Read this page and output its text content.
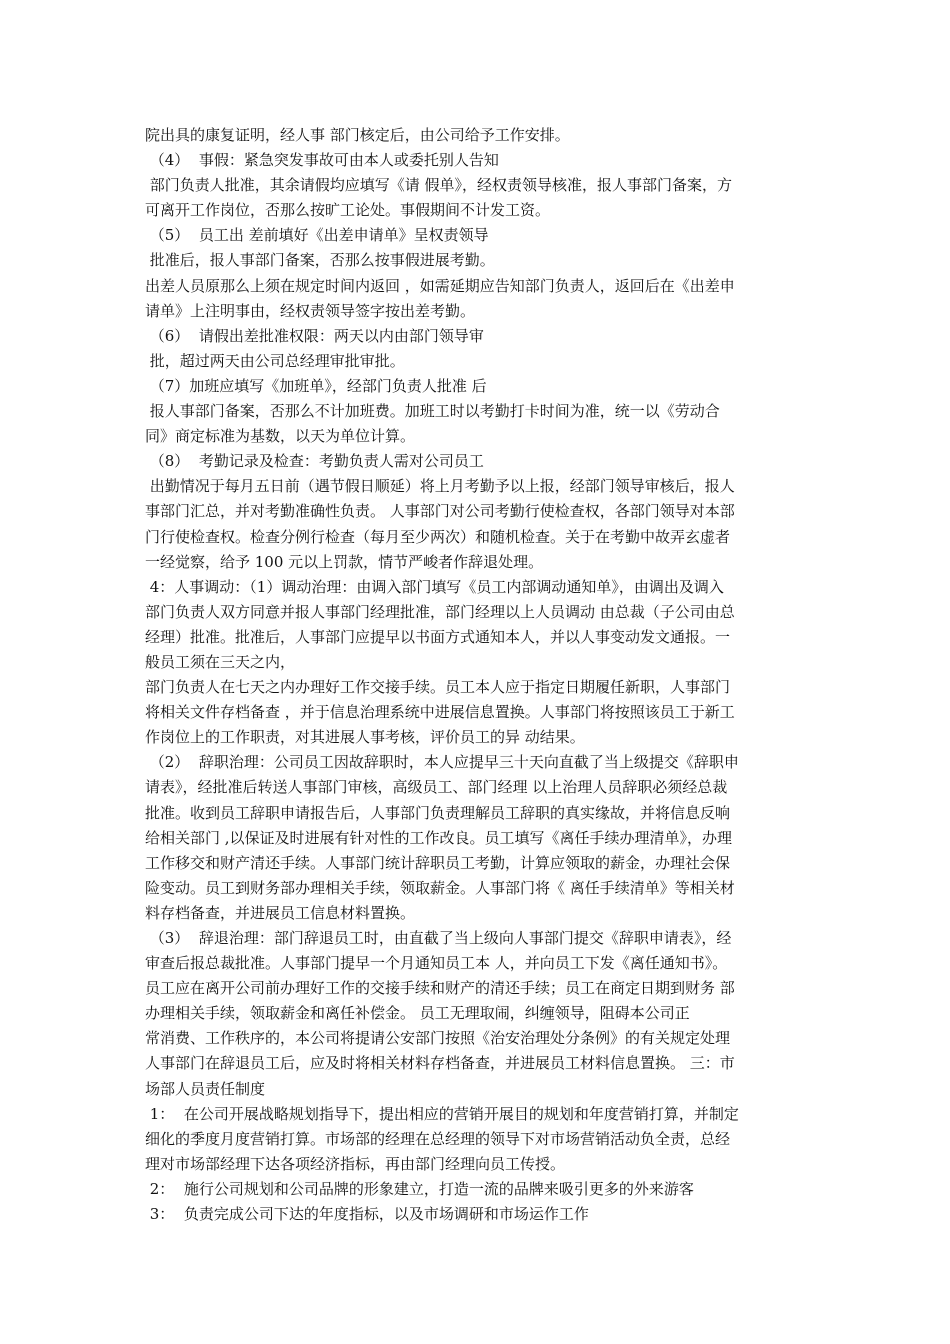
院出具的康复证明，经人事 部门核定后，由公司给予工作安排。
（4）  事假：紧急突发事故可由本人或委托别人告知
部门负责人批准，其余请假均应填写《请 假单》，经权责领导核准，报人事部门备案，方
可离开工作岗位，否那么按旷工论处。事假期间不计发工资。
（5）  员工出 差前填好《出差申请单》呈权责领导
批准后，报人事部门备案，否那么按事假进展考勤。
出差人员原那么上须在规定时间内返回 ，如需延期应告知部门负责人，返回后在《出差申
请单》上注明事由，经权责领导签字按出差考勤。
（6）  请假出差批准权限：两天以内由部门领导审
批，超过两天由公司总经理审批审批。
（7）加班应填写《加班单》，经部门负责人批准 后
报人事部门备案，否那么不计加班费。加班工时以考勤打卡时间为准，统一以《劳动合
同》商定标准为基数，以天为单位计算。
（8）  考勤记录及检查：考勤负责人需对公司员工
出勤情况于每月五日前（遇节假日顺延）将上月考勤予以上报，经部门领导审核后，报人
事部门汇总，并对考勤准确性负责。 人事部门对公司考勤行使检查权，各部门领导对本部
门行使检查权。检查分例行检查（每月至少两次）和随机检查。关于在考勤中故弄玄虚者
一经觉察，给予 100 元以上罚款，情节严峻者作辞退处理。
4：人事调动：（1）调动治理：由调入部门填写《员工内部调动通知单》，由调出及调入
部门负责人双方同意并报人事部门经理批准，部门经理以上人员调动 由总裁（子公司由总
经理）批准。批准后，人事部门应提早以书面方式通知本人，并以人事变动发文通报。一
般员工须在三天之内，
部门负责人在七天之内办理好工作交接手续。员工本人应于指定日期履任新职，人事部门
将相关文件存档备查 ，并于信息治理系统中进展信息置换。人事部门将按照该员工于新工
作岗位上的工作职责，对其进展人事考核，评价员工的异 动结果。
（2）  辞职治理：公司员工因故辞职时，本人应提早三十天向直截了当上级提交《辞职申
请表》，经批准后转送人事部门审核，高级员工、部门经理 以上治理人员辞职必须经总裁
批准。收到员工辞职申请报告后，人事部门负责理解员工辞职的真实缘故，并将信息反响
给相关部门 ,以保证及时进展有针对性的工作改良。员工填写《离任手续办理清单》，办理
工作移交和财产清还手续。人事部门统计辞职员工考勤，计算应领取的薪金，办理社会保
险变动。员工到财务部办理相关手续，领取薪金。人事部门将《 离任手续清单》等相关材
料存档备查，并进展员工信息材料置换。
（3）  辞退治理：部门辞退员工时，由直截了当上级向人事部门提交《辞职申请表》，经
审查后报总裁批准。人事部门提早一个月通知员工本 人，并向员工下发《离任通知书》。
员工应在离开公司前办理好工作的交接手续和财产的清还手续；员工在商定日期到财务 部
办理相关手续，领取薪金和离任补偿金。 员工无理取闹，纠缠领导，阻碍本公司正
常消费、工作秩序的，本公司将提请公安部门按照《治安治理处分条例》的有关规定处理
人事部门在辞退员工后，应及时将相关材料存档备查，并进展员工材料信息置换。 三：市
场部人员责任制度
1：  在公司开展战略规划指导下，提出相应的营销开展目的规划和年度营销打算，并制定
细化的季度月度营销打算。市场部的经理在总经理的领导下对市场营销活动负全责，总经
理对市场部经理下达各项经济指标，再由部门经理向员工传授。
2：  施行公司规划和公司品牌的形象建立，打造一流的品牌来吸引更多的外来游客
3：  负责完成公司下达的年度指标，以及市场调研和市场运作工作
